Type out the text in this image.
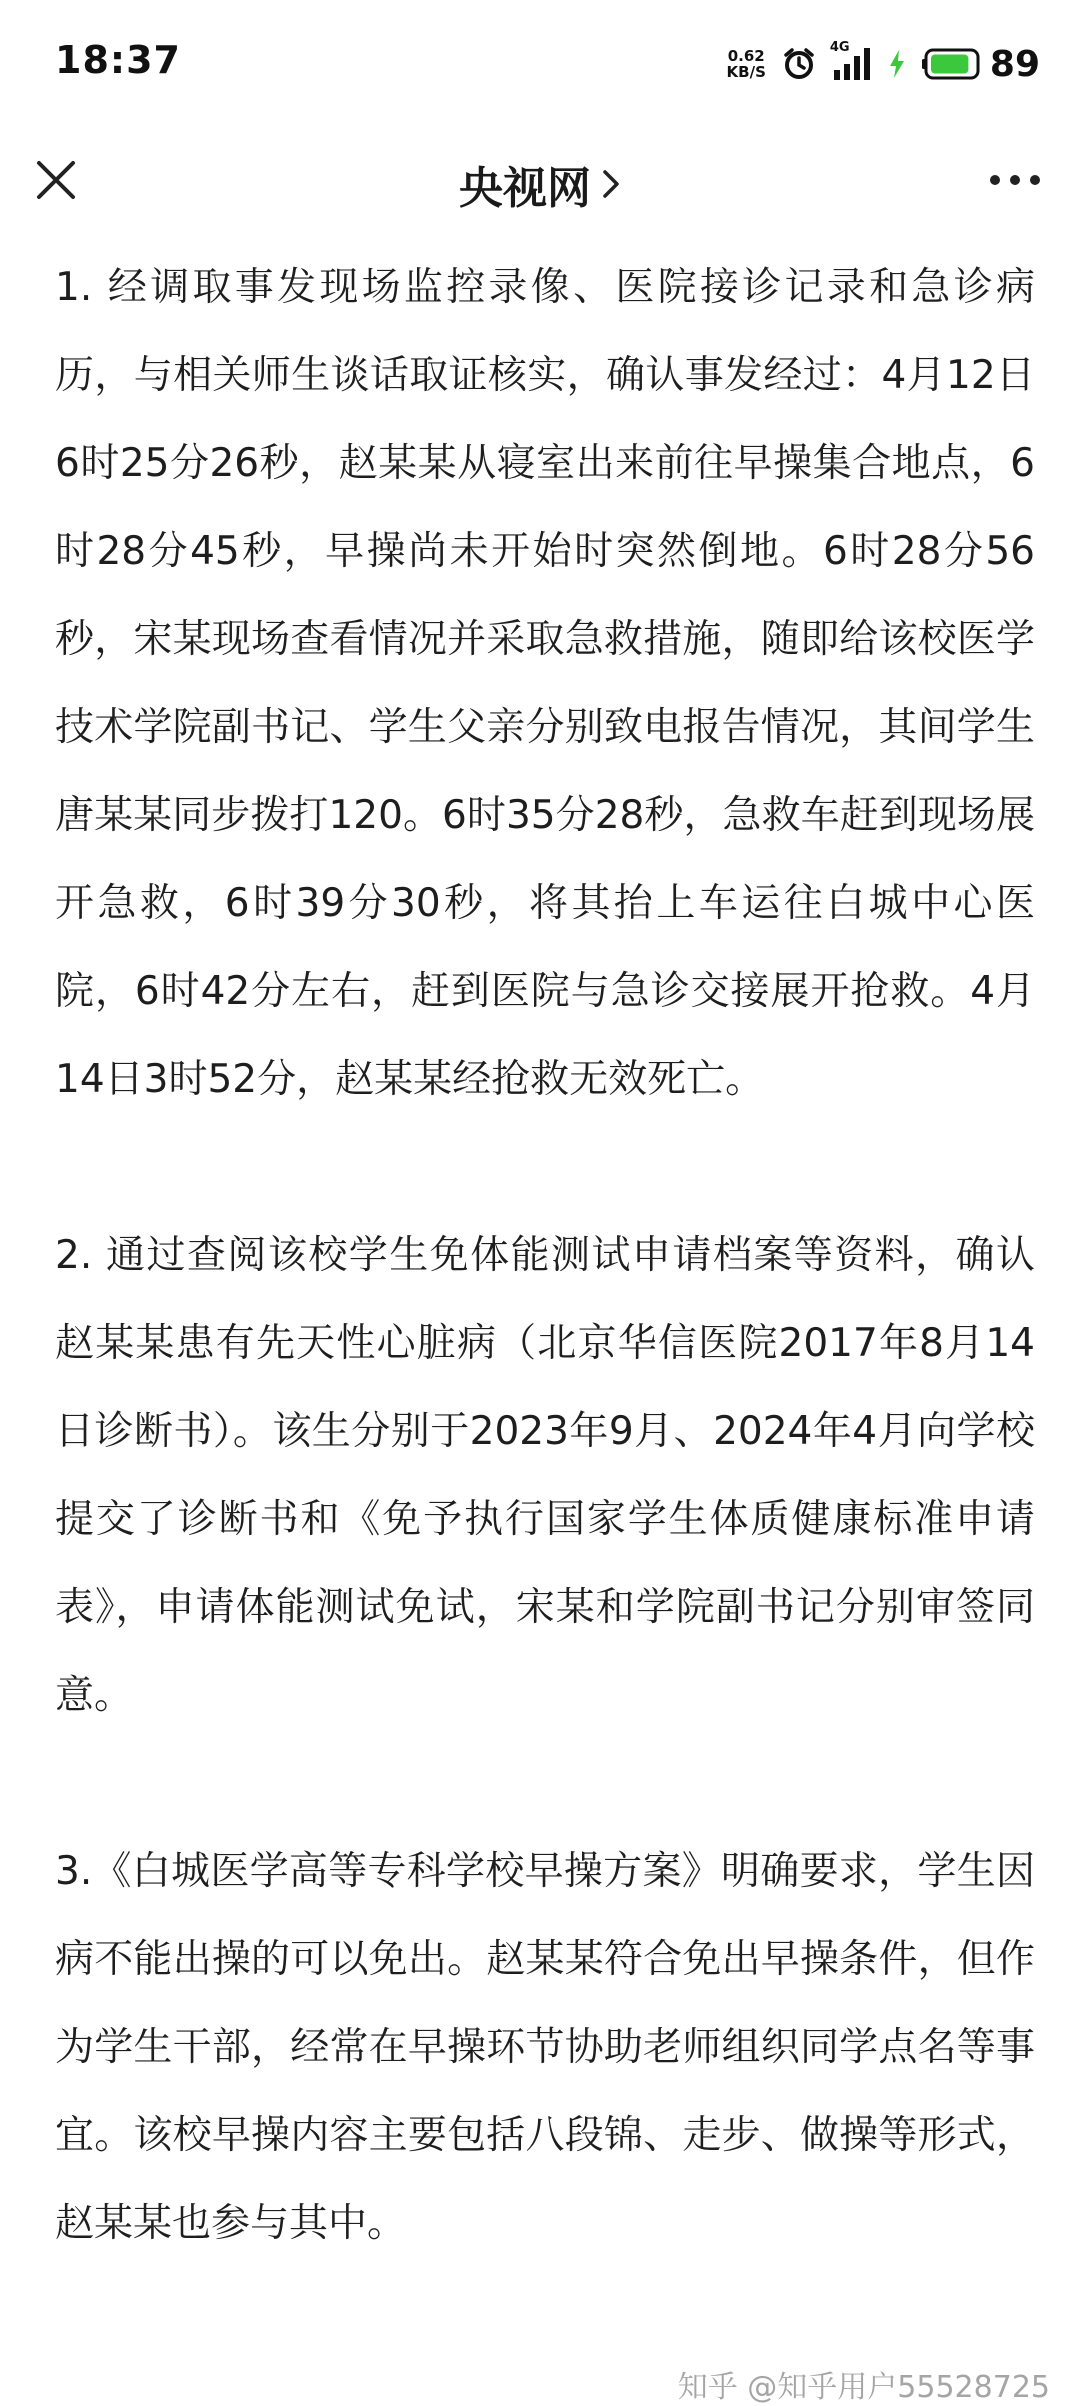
18:37	0.62
KB/S
4G	89
央视网

1. 经调取事发现场监控录像、医院接诊记录和急诊病历，与相关师生谈话取证核实，确认事发经过：4月12日6时25分26秒，赵某某从寝室出来前往早操集合地点，6时28分45秒，早操尚未开始时突然倒地。6时28分56秒，宋某现场查看情况并采取急救措施，随即给该校医学技术学院副书记、学生父亲分别致电报告情况，其间学生唐某某同步拨打120。6时35分28秒，急救车赶到现场展开急救，6时39分30秒，将其抬上车运往白城中心医院，6时42分左右，赶到医院与急诊交接展开抢救。4月14日3时52分，赵某某经抢救无效死亡。

2. 通过查阅该校学生免体能测试申请档案等资料，确认赵某某患有先天性心脏病（北京华信医院2017年8月14日诊断书）。该生分别于2023年9月、2024年4月向学校提交了诊断书和《免予执行国家学生体质健康标准申请表》，申请体能测试免试，宋某和学院副书记分别审签同意。

3.《白城医学高等专科学校早操方案》明确要求，学生因病不能出操的可以免出。赵某某符合免出早操条件，但作为学生干部，经常在早操环节协助老师组织同学点名等事宜。该校早操内容主要包括八段锦、走步、做操等形式，赵某某也参与其中。

知乎 @知乎用户55528725
